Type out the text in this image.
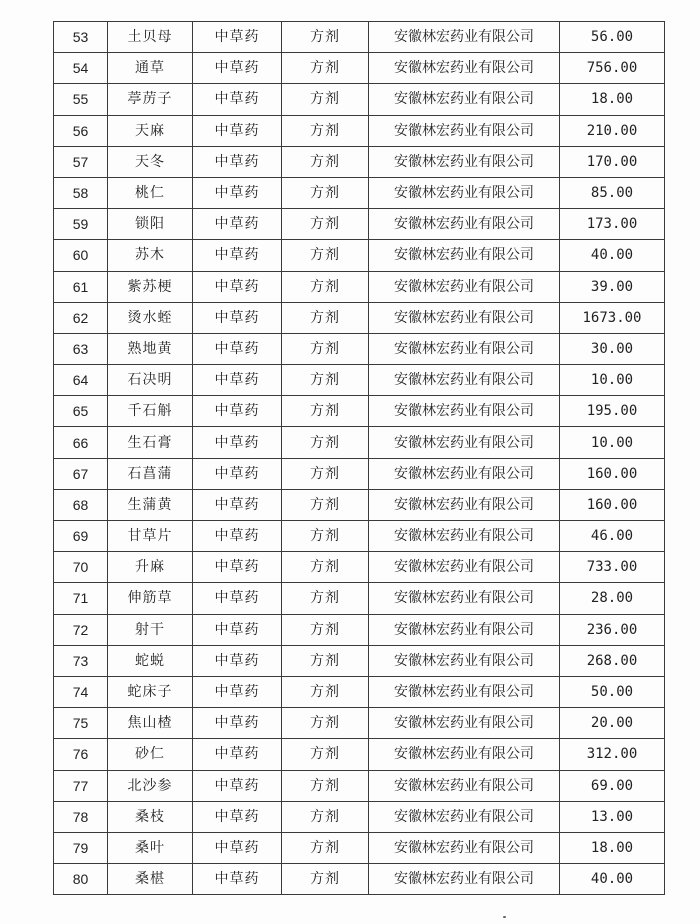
53	土贝母	中草药	方剂	安徽林宏药业有限公司	56.00
54	通草	中草药	方剂	安徽林宏药业有限公司	756.00
55	葶苈子	中草药	方剂	安徽林宏药业有限公司	18.00
56	天麻	中草药	方剂	安徽林宏药业有限公司	210.00
57	天冬	中草药	方剂	安徽林宏药业有限公司	170.00
58	桃仁	中草药	方剂	安徽林宏药业有限公司	85.00
59	锁阳	中草药	方剂	安徽林宏药业有限公司	173.00
60	苏木	中草药	方剂	安徽林宏药业有限公司	40.00
61	紫苏梗	中草药	方剂	安徽林宏药业有限公司	39.00
62	烫水蛭	中草药	方剂	安徽林宏药业有限公司	1673.00
63	熟地黄	中草药	方剂	安徽林宏药业有限公司	30.00
64	石决明	中草药	方剂	安徽林宏药业有限公司	10.00
65	千石斛	中草药	方剂	安徽林宏药业有限公司	195.00
66	生石膏	中草药	方剂	安徽林宏药业有限公司	10.00
67	石菖蒲	中草药	方剂	安徽林宏药业有限公司	160.00
68	生蒲黄	中草药	方剂	安徽林宏药业有限公司	160.00
69	甘草片	中草药	方剂	安徽林宏药业有限公司	46.00
70	升麻	中草药	方剂	安徽林宏药业有限公司	733.00
71	伸筋草	中草药	方剂	安徽林宏药业有限公司	28.00
72	射干	中草药	方剂	安徽林宏药业有限公司	236.00
73	蛇蜕	中草药	方剂	安徽林宏药业有限公司	268.00
74	蛇床子	中草药	方剂	安徽林宏药业有限公司	50.00
75	焦山楂	中草药	方剂	安徽林宏药业有限公司	20.00
76	砂仁	中草药	方剂	安徽林宏药业有限公司	312.00
77	北沙参	中草药	方剂	安徽林宏药业有限公司	69.00
78	桑枝	中草药	方剂	安徽林宏药业有限公司	13.00
79	桑叶	中草药	方剂	安徽林宏药业有限公司	18.00
80	桑椹	中草药	方剂	安徽林宏药业有限公司	40.00
